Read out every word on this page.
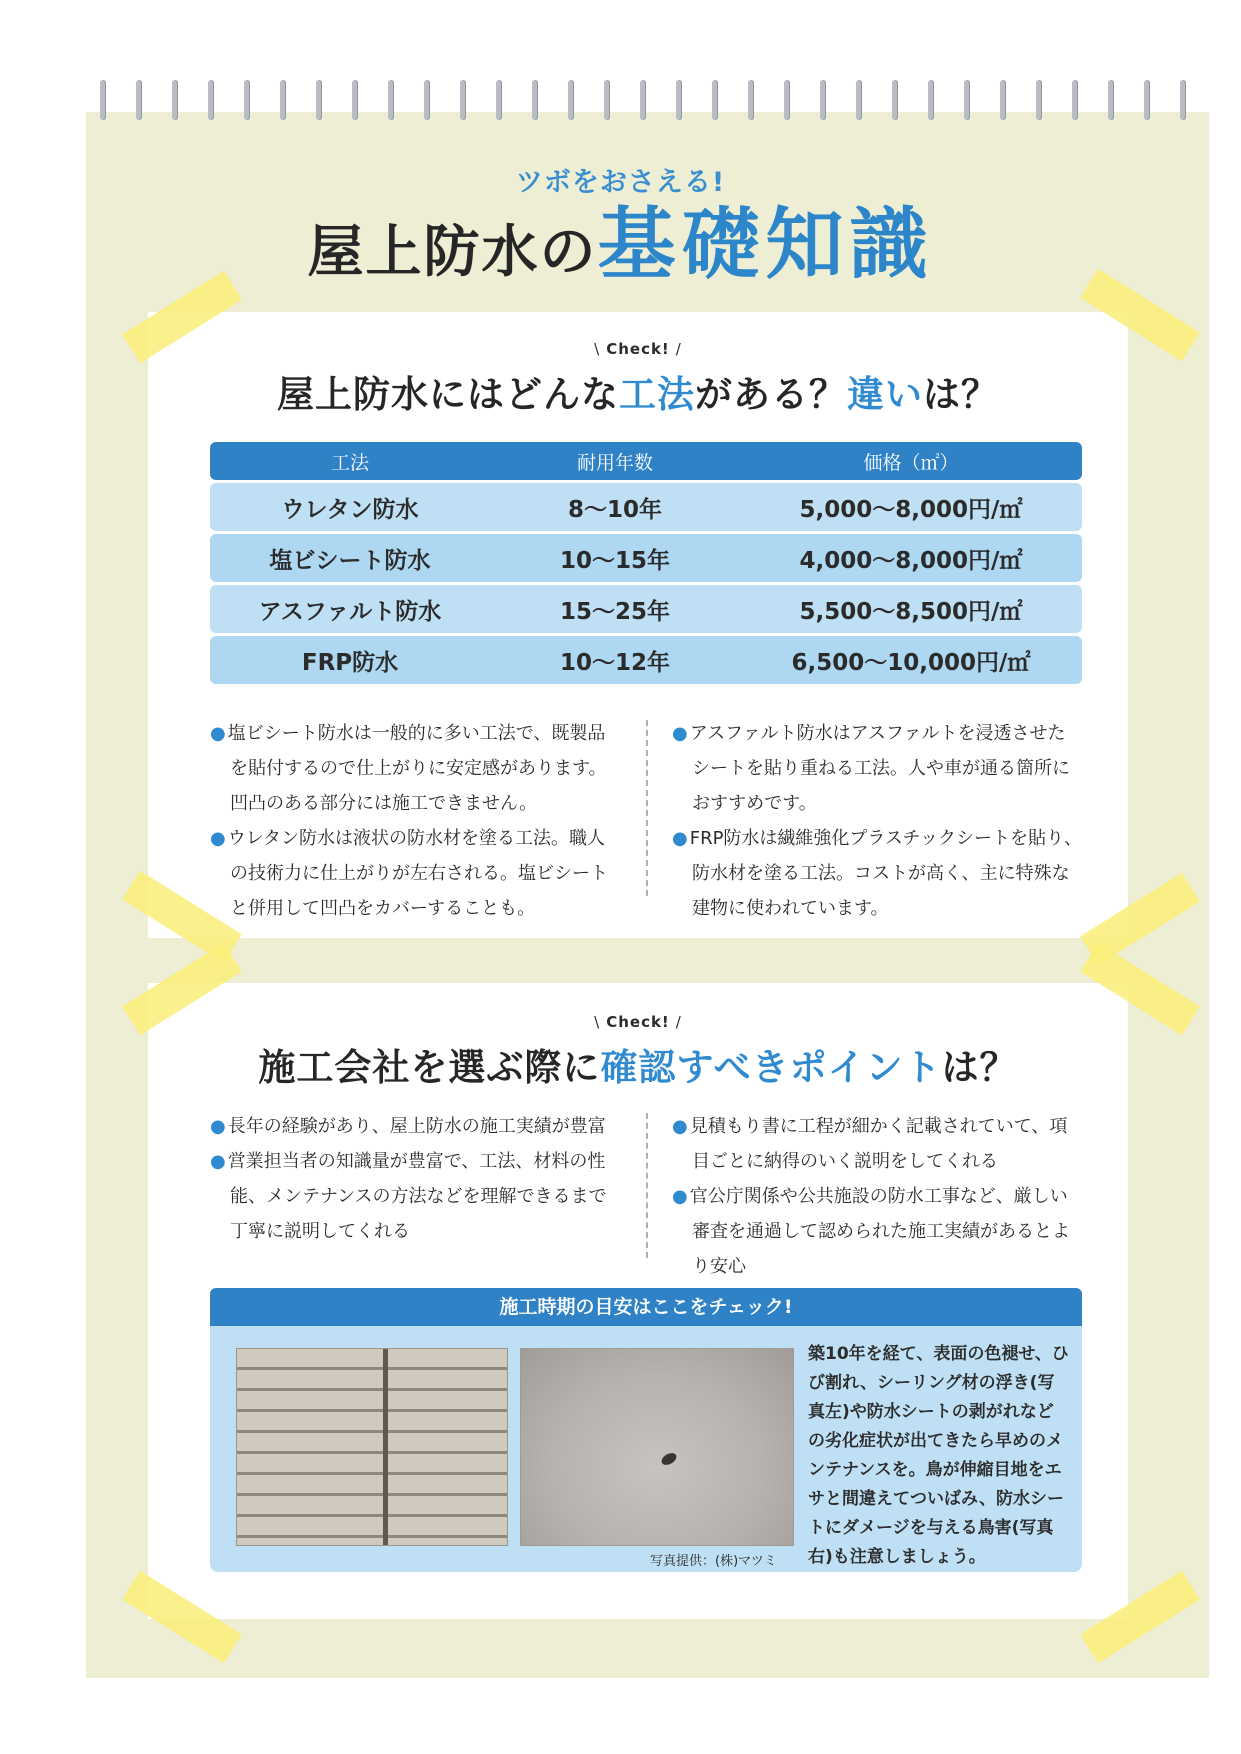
ツボをおさえる!
屋上防水の基礎知識
\ Check! /
屋上防水にはどんな工法がある？違いは？
工法	耐用年数	価格（㎡）
ウレタン防水	8〜10年	5,000〜8,000円/㎡
塩ビシート防水	10〜15年	4,000〜8,000円/㎡
アスファルト防水	15〜25年	5,500〜8,500円/㎡
FRP防水	10〜12年	6,500〜10,000円/㎡

● 塩ビシート防水は一般的に多い工法で、既製品を貼付するので仕上がりに安定感があります。凹凸のある部分には施工できません。

● ウレタン防水は液状の防水材を塗る工法。職人の技術力に仕上がりが左右される。塩ビシートと併用して凹凸をカバーすることも。

● アスファルト防水はアスファルトを浸透させたシートを貼り重ねる工法。人や車が通る箇所におすすめです。

● FRP防水は繊維強化プラスチックシートを貼り、防水材を塗る工法。コストが高く、主に特殊な建物に使われています。

\ Check! /
施工会社を選ぶ際に確認すべきポイントは？

● 長年の経験があり、屋上防水の施工実績が豊富

● 営業担当者の知識量が豊富で、工法、材料の性能、メンテナンスの方法などを理解できるまで丁寧に説明してくれる

● 見積もり書に工程が細かく記載されていて、項目ごとに納得のいく説明をしてくれる

● 官公庁関係や公共施設の防水工事など、厳しい審査を通過して認められた施工実績があるとより安心

施工時期の目安はここをチェック!
写真提供：(株)マツミ

築10年を経て、表面の色褪せ、ひび割れ、シーリング材の浮き(写真左)や防水シートの剥がれなどの劣化症状が出てきたら早めのメンテナンスを。鳥が伸縮目地をエサと間違えてついばみ、防水シートにダメージを与える鳥害(写真右)も注意しましょう。
